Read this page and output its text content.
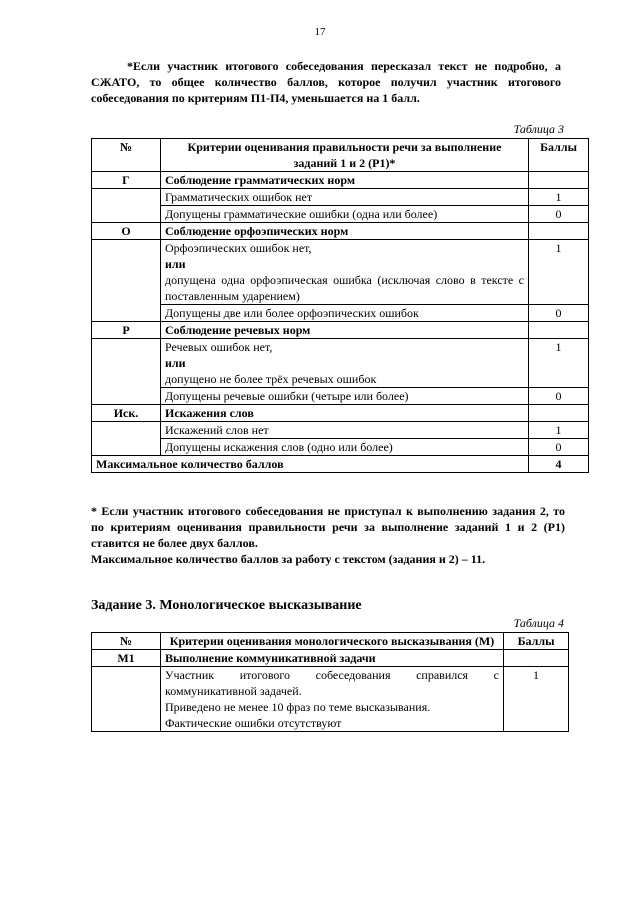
17
*Если участник итогового собеседования пересказал текст не подробно, а СЖАТО, то общее количество баллов, которое получил участник итогового собеседования по критериям П1-П4, уменьшается на 1 балл.
Таблица 3
№	Критерии оценивания правильности речи за выполнение заданий 1 и 2 (Р1)*	Баллы
Г	Соблюдение грамматических норм	
	Грамматических ошибок нет	1
	Допущены грамматические ошибки (одна или более)	0
О	Соблюдение орфоэпических норм	

	Орфоэпических ошибок нет,
или
допущена одна орфоэпическая ошибка (исключая слово в тексте с поставленным ударением)	1
	Допущены две или более орфоэпических ошибок	0
Р	Соблюдение речевых норм	

	Речевых ошибок нет,
или
допущено не более трёх речевых ошибок	1
	Допущены речевые ошибки (четыре или более)	0
Иск.	Искажения слов	
	Искажений слов нет	1
	Допущены искажения слов (одно или более)	0
Максимальное количество баллов		4
* Если участник итогового собеседования не приступал к выполнению задания 2, то по критериям оценивания правильности речи за выполнение заданий 1 и 2 (Р1) ставится не более двух баллов.
Максимальное количество баллов за работу с текстом (задания и 2) – 11.
Задание 3. Монологическое высказывание
Таблица 4
№	Критерии оценивания монологического высказывания (М)	Баллы
М1	Выполнение коммуникативной задачи	

	Участник итогового собеседования справился с коммуникативной задачей.
Приведено не менее 10 фраз по теме высказывания.
Фактические ошибки отсутствуют	1
